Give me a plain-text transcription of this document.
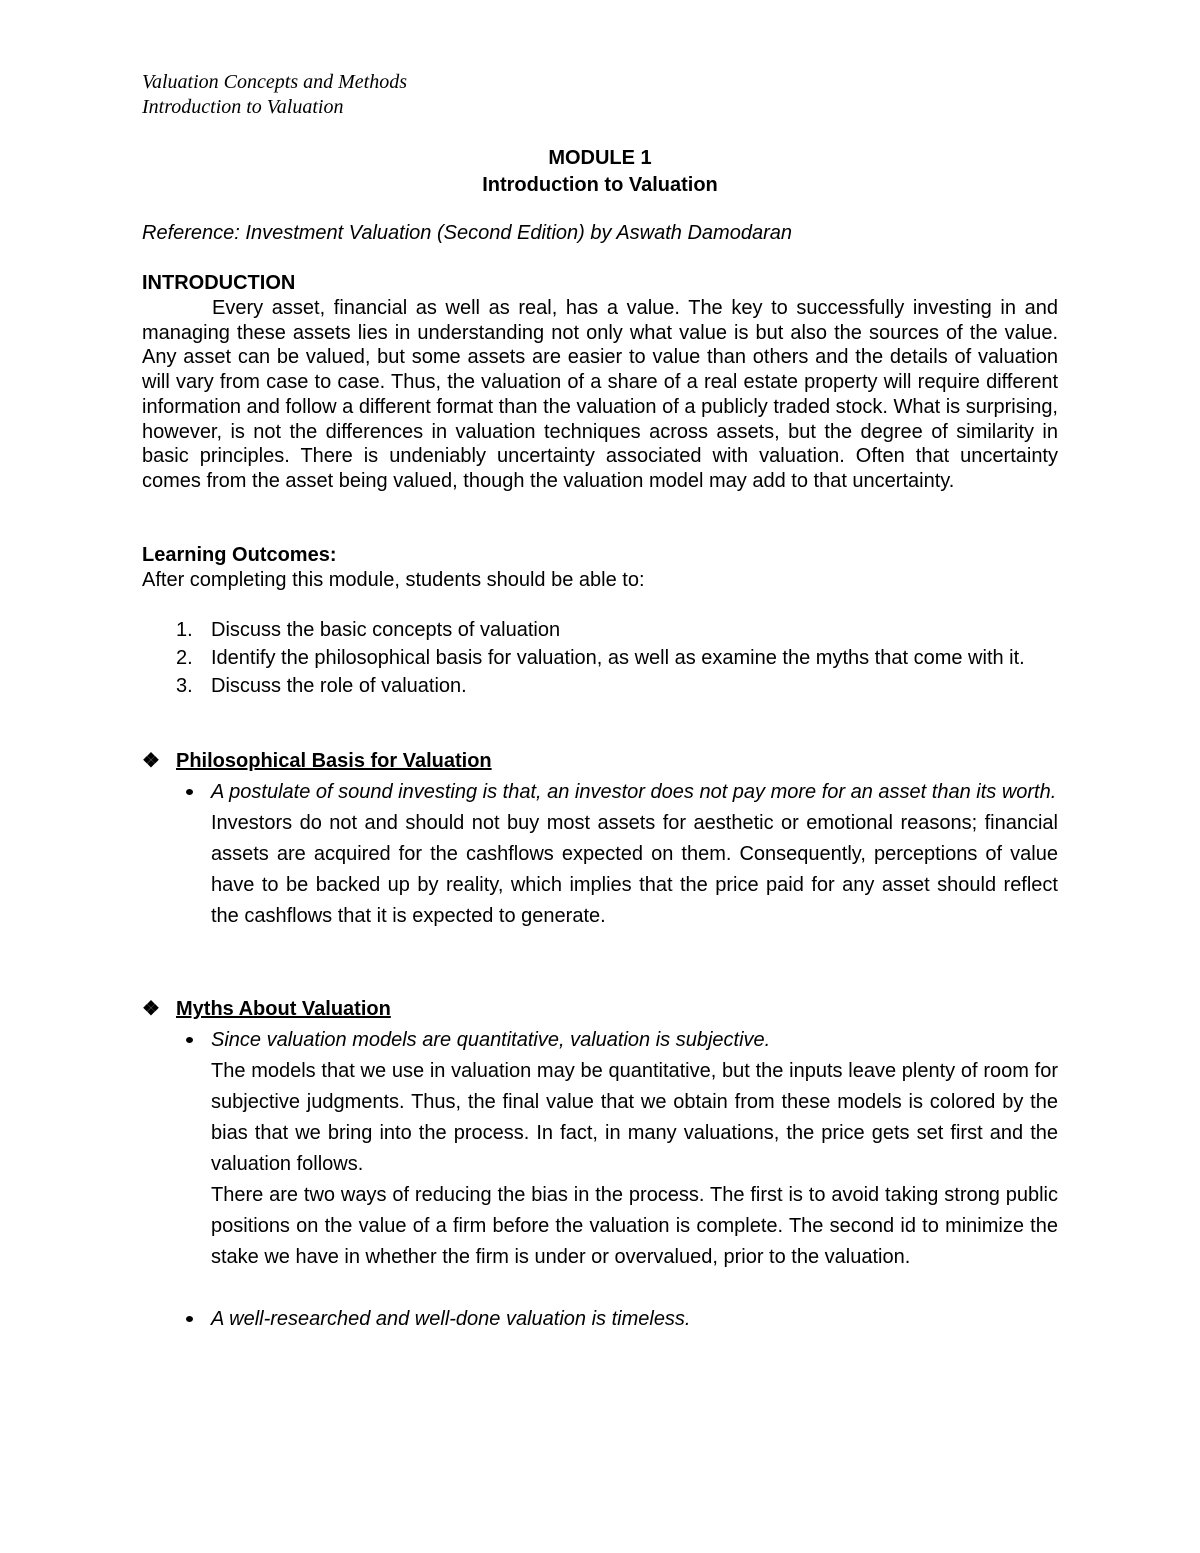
Valuation Concepts and Methods
Introduction to Valuation
MODULE 1
Introduction to Valuation
Reference: Investment Valuation (Second Edition) by Aswath Damodaran
INTRODUCTION

Every asset, financial as well as real, has a value. The key to successfully investing in and managing these assets lies in understanding not only what value is but also the sources of the value. Any asset can be valued, but some assets are easier to value than others and the details of valuation will vary from case to case. Thus, the valuation of a share of a real estate property will require different information and follow a different format than the valuation of a publicly traded stock. What is surprising, however, is not the differences in valuation techniques across assets, but the degree of similarity in basic principles. There is undeniably uncertainty associated with valuation. Often that uncertainty comes from the asset being valued, though the valuation model may add to that uncertainty.

Learning Outcomes:
After completing this module, students should be able to:
1. Discuss the basic concepts of valuation
2. Identify the philosophical basis for valuation, as well as examine the myths that come with it.
3. Discuss the role of valuation.
❖ Philosophical Basis for Valuation

A postulate of sound investing is that, an investor does not pay more for an asset than its worth.

Investors do not and should not buy most assets for aesthetic or emotional reasons; financial assets are acquired for the cashflows expected on them. Consequently, perceptions of value have to be backed up by reality, which implies that the price paid for any asset should reflect the cashflows that it is expected to generate.

❖ Myths About Valuation

Since valuation models are quantitative, valuation is subjective.

The models that we use in valuation may be quantitative, but the inputs leave plenty of room for subjective judgments. Thus, the final value that we obtain from these models is colored by the bias that we bring into the process. In fact, in many valuations, the price gets set first and the valuation follows.

There are two ways of reducing the bias in the process. The first is to avoid taking strong public positions on the value of a firm before the valuation is complete. The second id to minimize the stake we have in whether the firm is under or overvalued, prior to the valuation.

A well-researched and well-done valuation is timeless.
